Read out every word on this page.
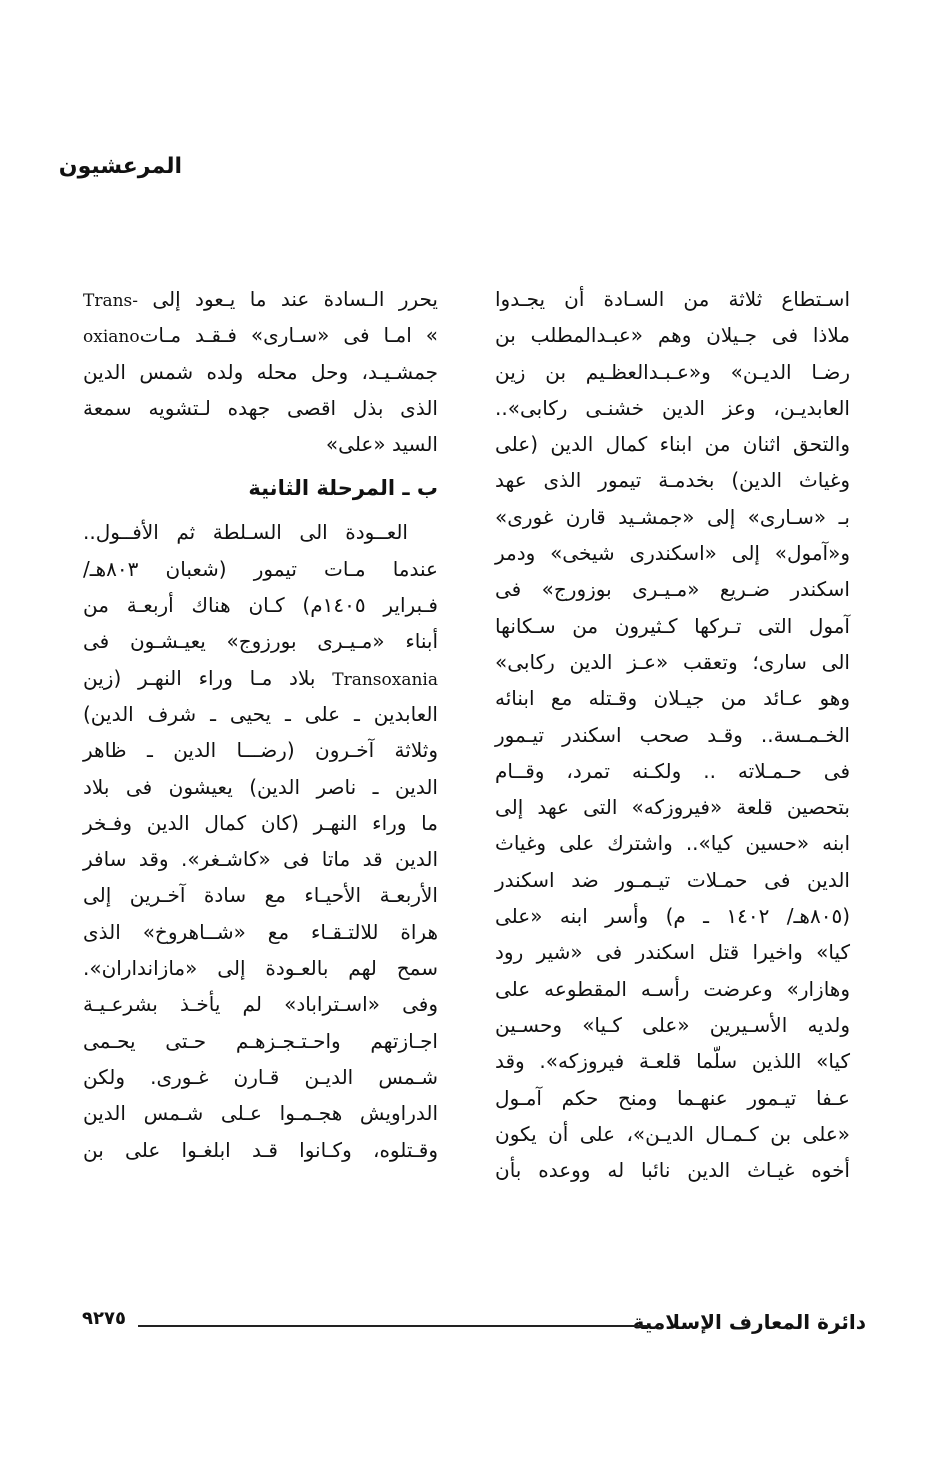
المرعشيون
اسـتطاع ثلاثة من السـادة أن يجـدوا
ملاذا فى جـيلان وهم «عبـدالمطلب بن
رضـا الديـن» و«عـبـدالعظـيم بن زين
العابديـن، وعز الدين خشنـى ركابى»..
والتحق اثنان من ابناء كمال الدين (على
وغياث الدين) بخدمـة تيمور الذى عهد
بـ «سـارى» إلى «جمشـيد قارن غورى»
و«آمول» إلى «اسكندرى شيخى» ودمر
اسكندر ضـريع «مـيـرى بوزورج» فى
آمول التى تـركها كـثيرون من سـكانها
الى سارى؛ وتعقب «عـز الدين ركابى»
وهو عـائد من جيـلان وقـتله مع ابنائه
الخـمـسة.. وقـد صحب اسكندر تيـمور
فى حـمـلاته .. ولكـنه تمرد، وقــام
بتحصين قلعة «فيروزكه» التى عهد إلى
ابنه «حسين كيا».. واشترك على وغياث
الدين فى حمـلات تيـمـور ضد اسكندر
(٨٠٥هـ/ ١٤٠٢ ـ م) وأسر ابنه «على
كيا» واخيرا قتل اسكندر فى «شير رود
وهازار» وعرضت رأسـه المقطوعه على
ولديه الأسـيرين «على كـيا» وحسـين
كيا» اللذين سلّما قلعـة فيروزكه». وقد
عـفا تيـمور عنهـما ومنح حكم آمـول
«على بن كـمـال الديـن»، على أن يكون
أخوه غيـاث الدين نائبا له ووعده بأن
يحرر الـسادة عند ما يـعود إلى Trans-
» امـا فى «سـارى» فـقـد مـاتoxiano
جمشـيـد، وحل محله ولده شمس الدين
الذى بذل اقصى جهده لـتشويه سمعة
السيد «على»
ب ـ المرحلة الثانية
العــودة الى السـلطة ثم الأفــول..
عندما مـات تيمور (شعبان ٨٠٣هـ/
فـبراير ١٤٠٥م) كـان هناك أربعـة من
أبناء «مـيـرى بورزوج» يعيـشـون فى
Transoxania بلاد مـا وراء النهـر (زين
العابدين ـ على ـ يحيى ـ شرف الدين)
وثلاثة آخـرون (رضـــا الدين ـ ظاهر
الدين ـ ناصر الدين) يعيشون فى بلاد
ما وراء النهـر (كان كمال الدين وفـخر
الدين قد ماتا فى «كاشـغر». وقد سافر
الأربعـة الأحيـاء مع سادة آخـرين إلى
هراة للالتـقـاء مع «شــاهروخ» الذى
سمح لهم بالعـودة إلى «مازانداران».
وفى «اسـتراباد» لم يأخـذ بشرعـيـة
اجـازتهم واحـتـجـزهـم حـتى يحـمى
شـمس الديـن قـارن غـورى. ولكن
الدراويش هجـمـوا عـلى شـمس الدين
وقـتلوه، وكـانوا قـد ابلغـوا على بن
دائرة المعارف الإسلامية
٩٢٧٥
